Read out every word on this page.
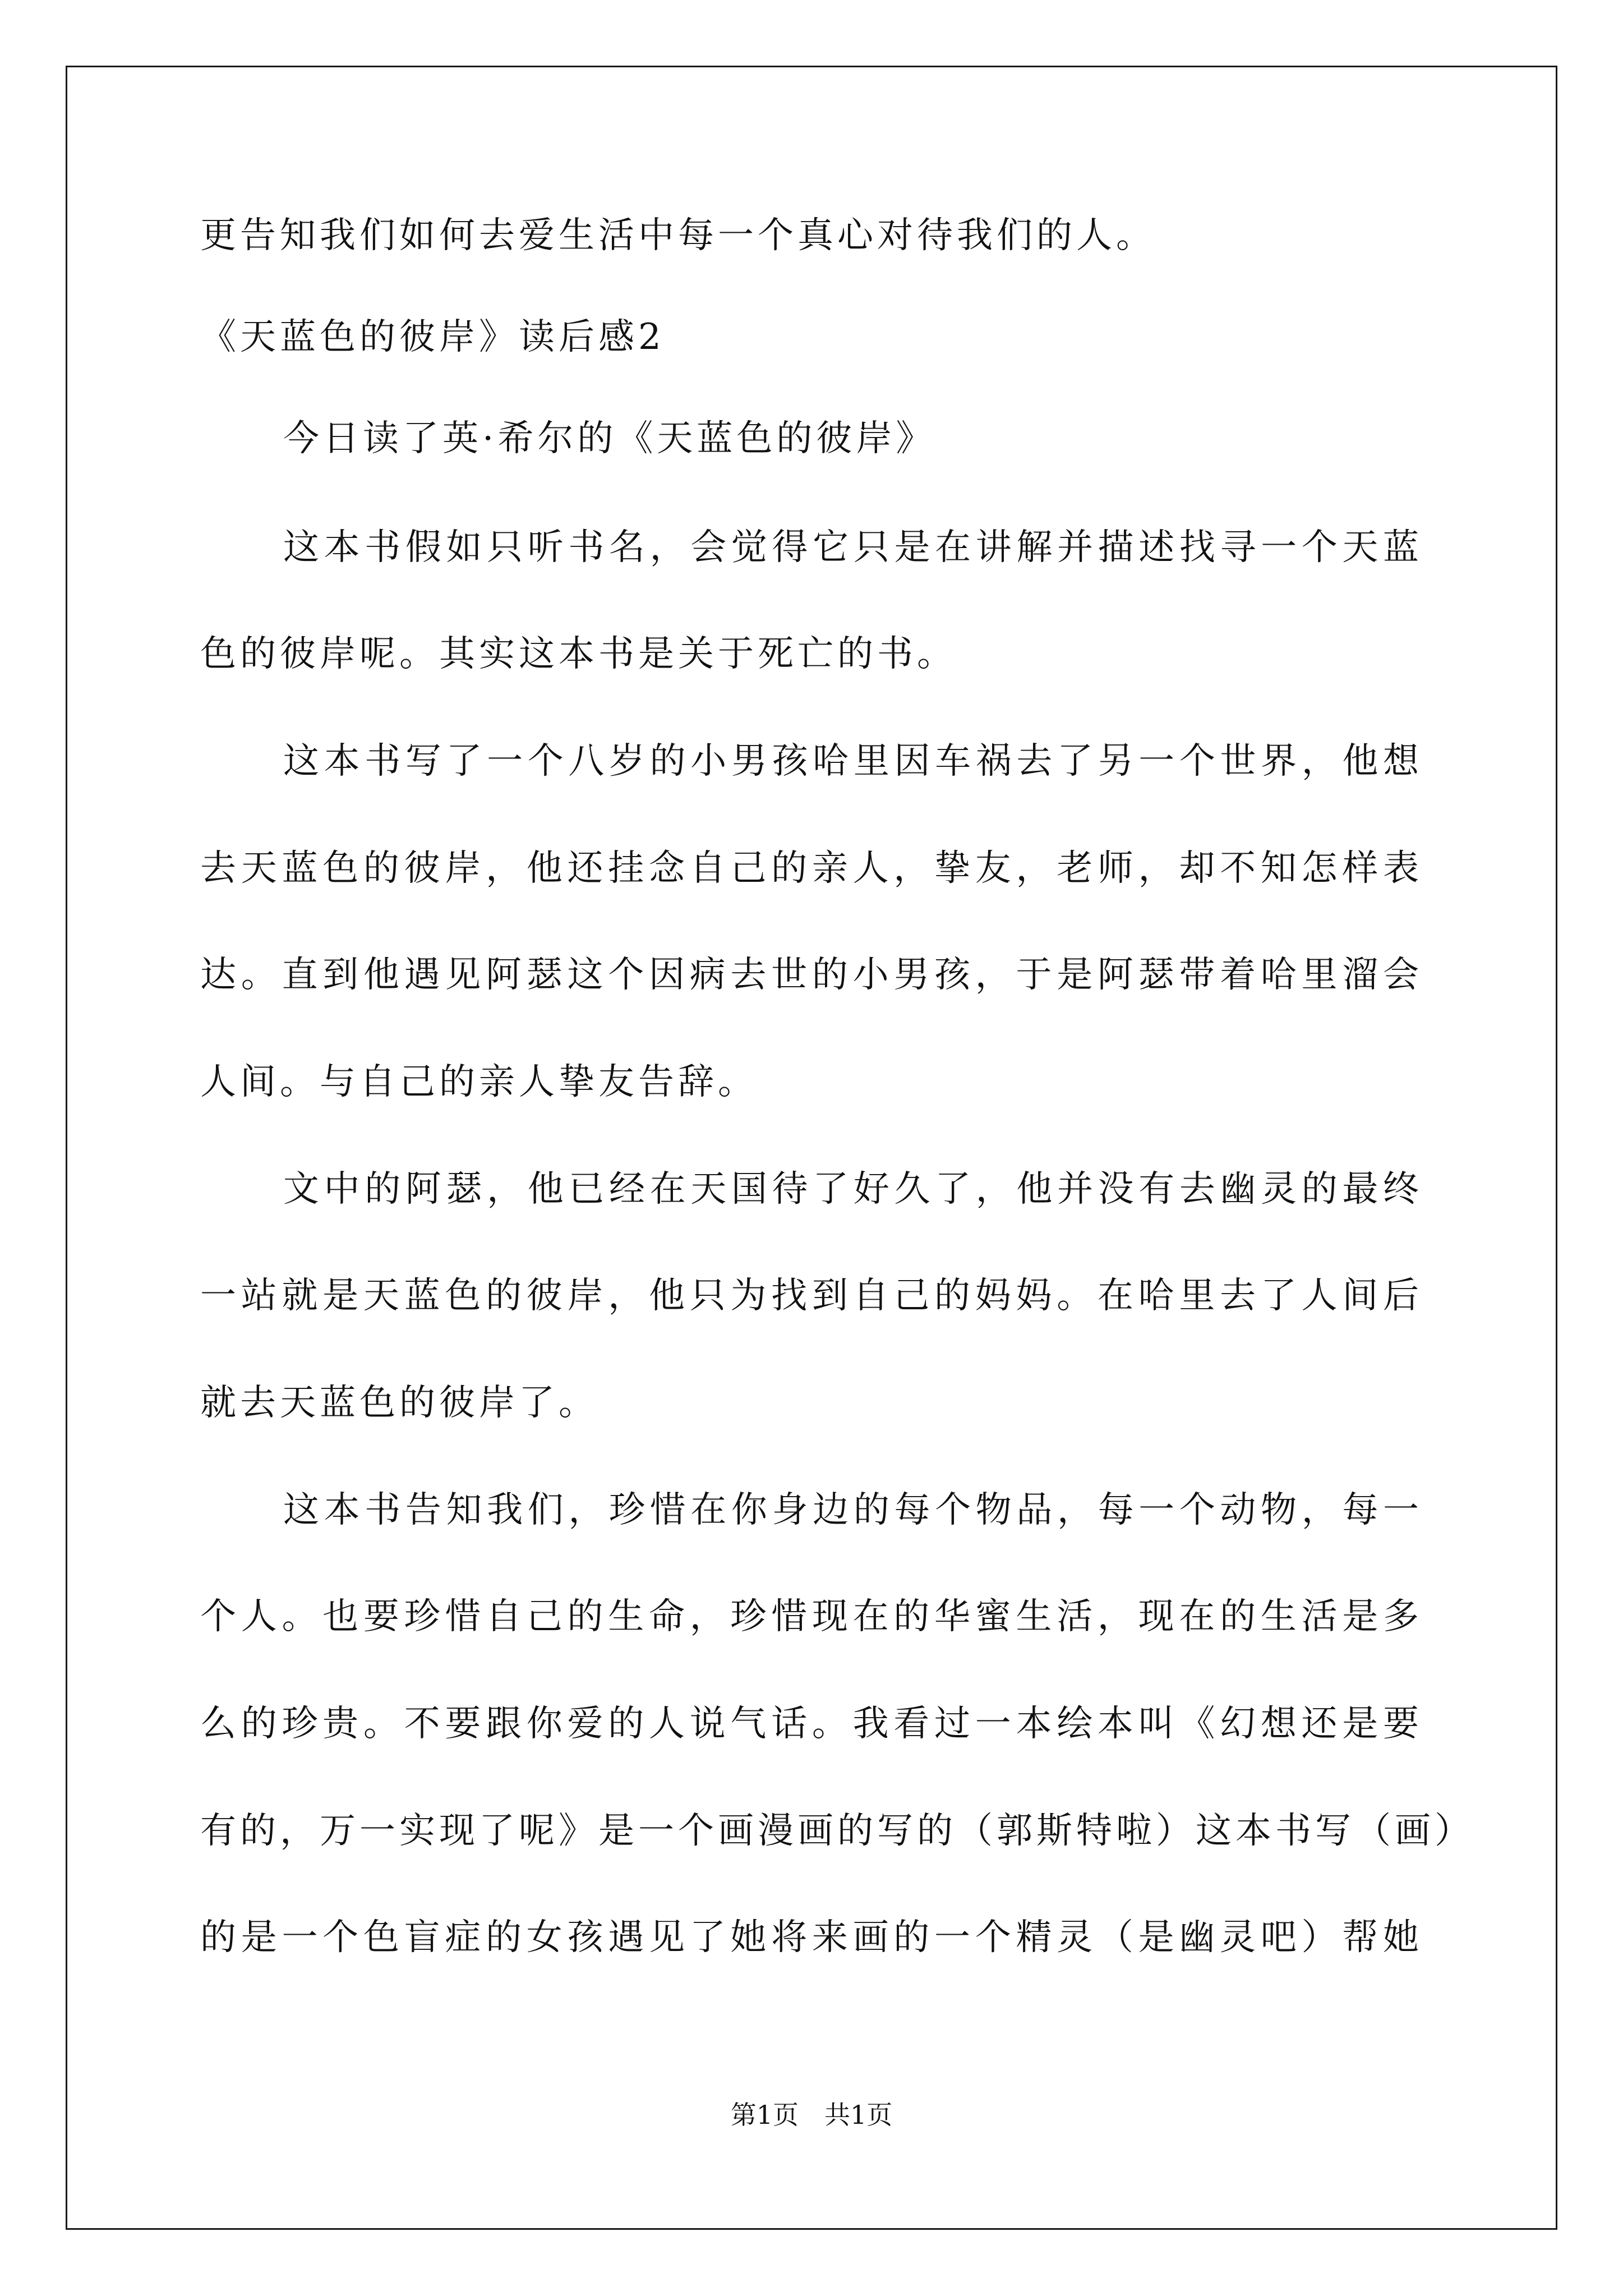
更告知我们如何去爱生活中每一个真心对待我们的人。
《天蓝色的彼岸》读后感2
今日读了英·希尔的《天蓝色的彼岸》
这本书假如只听书名，会觉得它只是在讲解并描述找寻一个天蓝
色的彼岸呢。其实这本书是关于死亡的书。
这本书写了一个八岁的小男孩哈里因车祸去了另一个世界，他想
去天蓝色的彼岸，他还挂念自己的亲人，挚友，老师，却不知怎样表
达。直到他遇见阿瑟这个因病去世的小男孩，于是阿瑟带着哈里溜会
人间。与自己的亲人挚友告辞。
文中的阿瑟，他已经在天国待了好久了，他并没有去幽灵的最终
一站就是天蓝色的彼岸，他只为找到自己的妈妈。在哈里去了人间后
就去天蓝色的彼岸了。
这本书告知我们，珍惜在你身边的每个物品，每一个动物，每一
个人。也要珍惜自己的生命，珍惜现在的华蜜生活，现在的生活是多
么的珍贵。不要跟你爱的人说气话。我看过一本绘本叫《幻想还是要
有的，万一实现了呢》是一个画漫画的写的（郭斯特啦）这本书写（画）
的是一个色盲症的女孩遇见了她将来画的一个精灵（是幽灵吧）帮她
第1页　共1页
